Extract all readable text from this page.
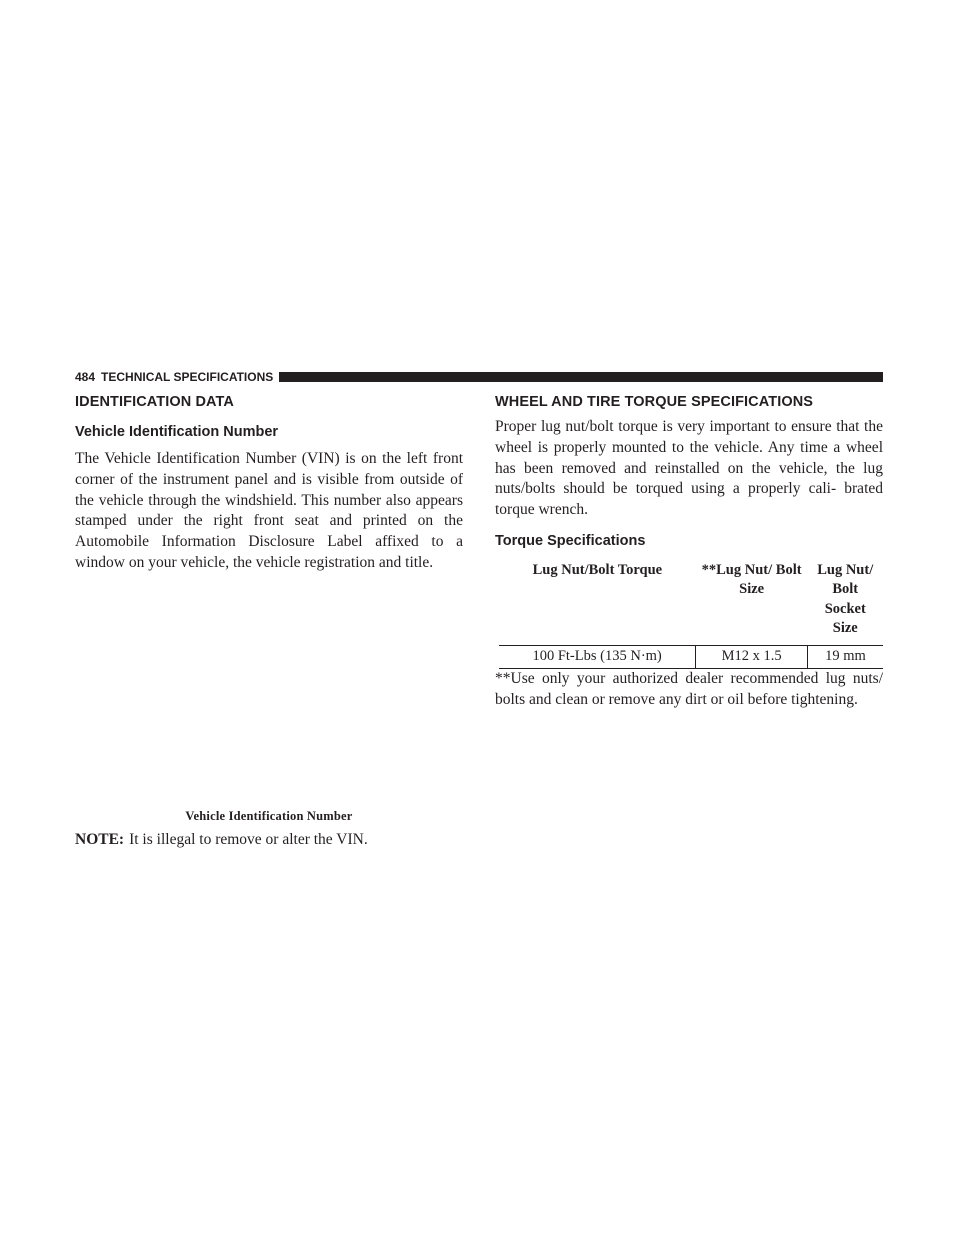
484 TECHNICAL SPECIFICATIONS
IDENTIFICATION DATA
Vehicle Identification Number

The Vehicle Identification Number (VIN) is on the left front corner of the instrument panel and is visible from outside of the vehicle through the windshield. This number also appears stamped under the right front seat and printed on the Automobile Information Disclosure Label affixed to a window on your vehicle, the vehicle registration and title.

Vehicle Identification Number

NOTE: It is illegal to remove or alter the VIN.

WHEEL AND TIRE TORQUE SPECIFICATIONS

Proper lug nut/bolt torque is very important to ensure that the wheel is properly mounted to the vehicle. Any time a wheel has been removed and reinstalled on the vehicle, the lug nuts/bolts should be torqued using a properly cali- brated torque wrench.

Torque Specifications
Lug Nut/Bolt Torque	**Lug Nut/ Bolt Size	Lug Nut/ Bolt Socket Size
100 Ft-Lbs (135 N·m)	M12 x 1.5	19 mm

**Use only your authorized dealer recommended lug nuts/ bolts and clean or remove any dirt or oil before tightening.
